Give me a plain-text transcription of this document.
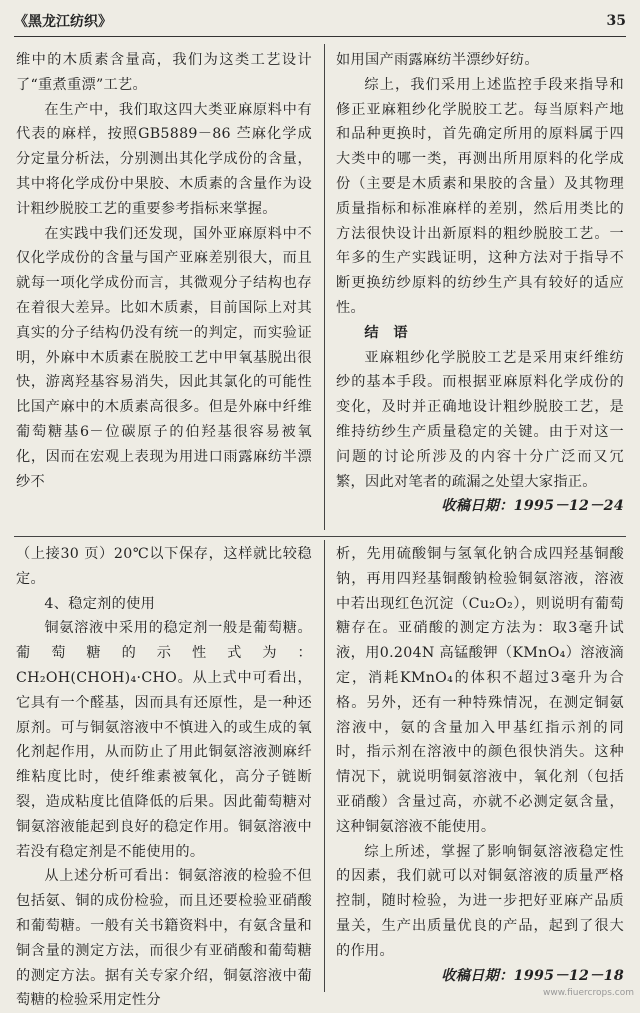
《黑龙江纺织》	35

维中的木质素含量高，我们为这类工艺设计了“重煮重漂”工艺。

在生产中，我们取这四大类亚麻原料中有代表的麻样，按照GB5889－86 苎麻化学成分定量分析法，分别测出其化学成份的含量，其中将化学成份中果胶、木质素的含量作为设计粗纱脱胶工艺的重要参考指标来掌握。

在实践中我们还发现，国外亚麻原料中不仅化学成份的含量与国产亚麻差别很大，而且就每一项化学成份而言，其微观分子结构也存在着很大差异。比如木质素，目前国际上对其真实的分子结构仍没有统一的判定，而实验证明，外麻中木质素在脱胶工艺中甲氧基脱出很快，游离羟基容易消失，因此其氯化的可能性比国产麻中的木质素高很多。但是外麻中纤维葡萄糖基6－位碳原子的伯羟基很容易被氧化，因而在宏观上表现为用进口雨露麻纺半漂纱不

如用国产雨露麻纺半漂纱好纺。

综上，我们采用上述监控手段来指导和修正亚麻粗纱化学脱胶工艺。每当原料产地和品种更换时，首先确定所用的原料属于四大类中的哪一类，再测出所用原料的化学成份（主要是木质素和果胶的含量）及其物理质量指标和标准麻样的差别，然后用类比的方法很快设计出新原料的粗纱脱胶工艺。一年多的生产实践证明，这种方法对于指导不断更换纺纱原料的纺纱生产具有较好的适应性。

结　语

亚麻粗纱化学脱胶工艺是采用束纤维纺纱的基本手段。而根据亚麻原料化学成份的变化，及时并正确地设计粗纱脱胶工艺，是维持纺纱生产质量稳定的关键。由于对这一问题的讨论所涉及的内容十分广泛而又冗繁，因此对笔者的疏漏之处望大家指正。

收稿日期：1995－12－24

（上接30 页）20℃以下保存，这样就比较稳定。

4、稳定剂的使用

铜氨溶液中采用的稳定剂一般是葡萄糖。葡萄糖的示性式为：CH₂OH(CHOH)₄·CHO。从上式中可看出，它具有一个醛基，因而具有还原性，是一种还原剂。可与铜氨溶液中不慎进入的或生成的氧化剂起作用，从而防止了用此铜氨溶液测麻纤维粘度比时，使纤维素被氧化，高分子链断裂，造成粘度比值降低的后果。因此葡萄糖对铜氨溶液能起到良好的稳定作用。铜氨溶液中若没有稳定剂是不能使用的。

从上述分析可看出：铜氨溶液的检验不但包括氨、铜的成份检验，而且还要检验亚硝酸和葡萄糖。一般有关书籍资料中，有氨含量和铜含量的测定方法，而很少有亚硝酸和葡萄糖的测定方法。据有关专家介绍，铜氨溶液中葡萄糖的检验采用定性分

析，先用硫酸铜与氢氧化钠合成四羟基铜酸钠，再用四羟基铜酸钠检验铜氨溶液，溶液中若出现红色沉淀（Cu₂O₂），则说明有葡萄糖存在。亚硝酸的测定方法为：取3毫升试液，用0.204N 高锰酸钾（KMnO₄）溶液滴定，消耗KMnO₄的体积不超过3毫升为合格。另外，还有一种特殊情况，在测定铜氨溶液中，氨的含量加入甲基红指示剂的同时，指示剂在溶液中的颜色很快消失。这种情况下，就说明铜氨溶液中，氧化剂（包括亚硝酸）含量过高，亦就不必测定氨含量，这种铜氨溶液不能使用。

综上所述，掌握了影响铜氨溶液稳定性的因素，我们就可以对铜氨溶液的质量严格控制，随时检验，为进一步把好亚麻产品质量关，生产出质量优良的产品，起到了很大的作用。

收稿日期：1995－12－18
www.fiuercrops.com
